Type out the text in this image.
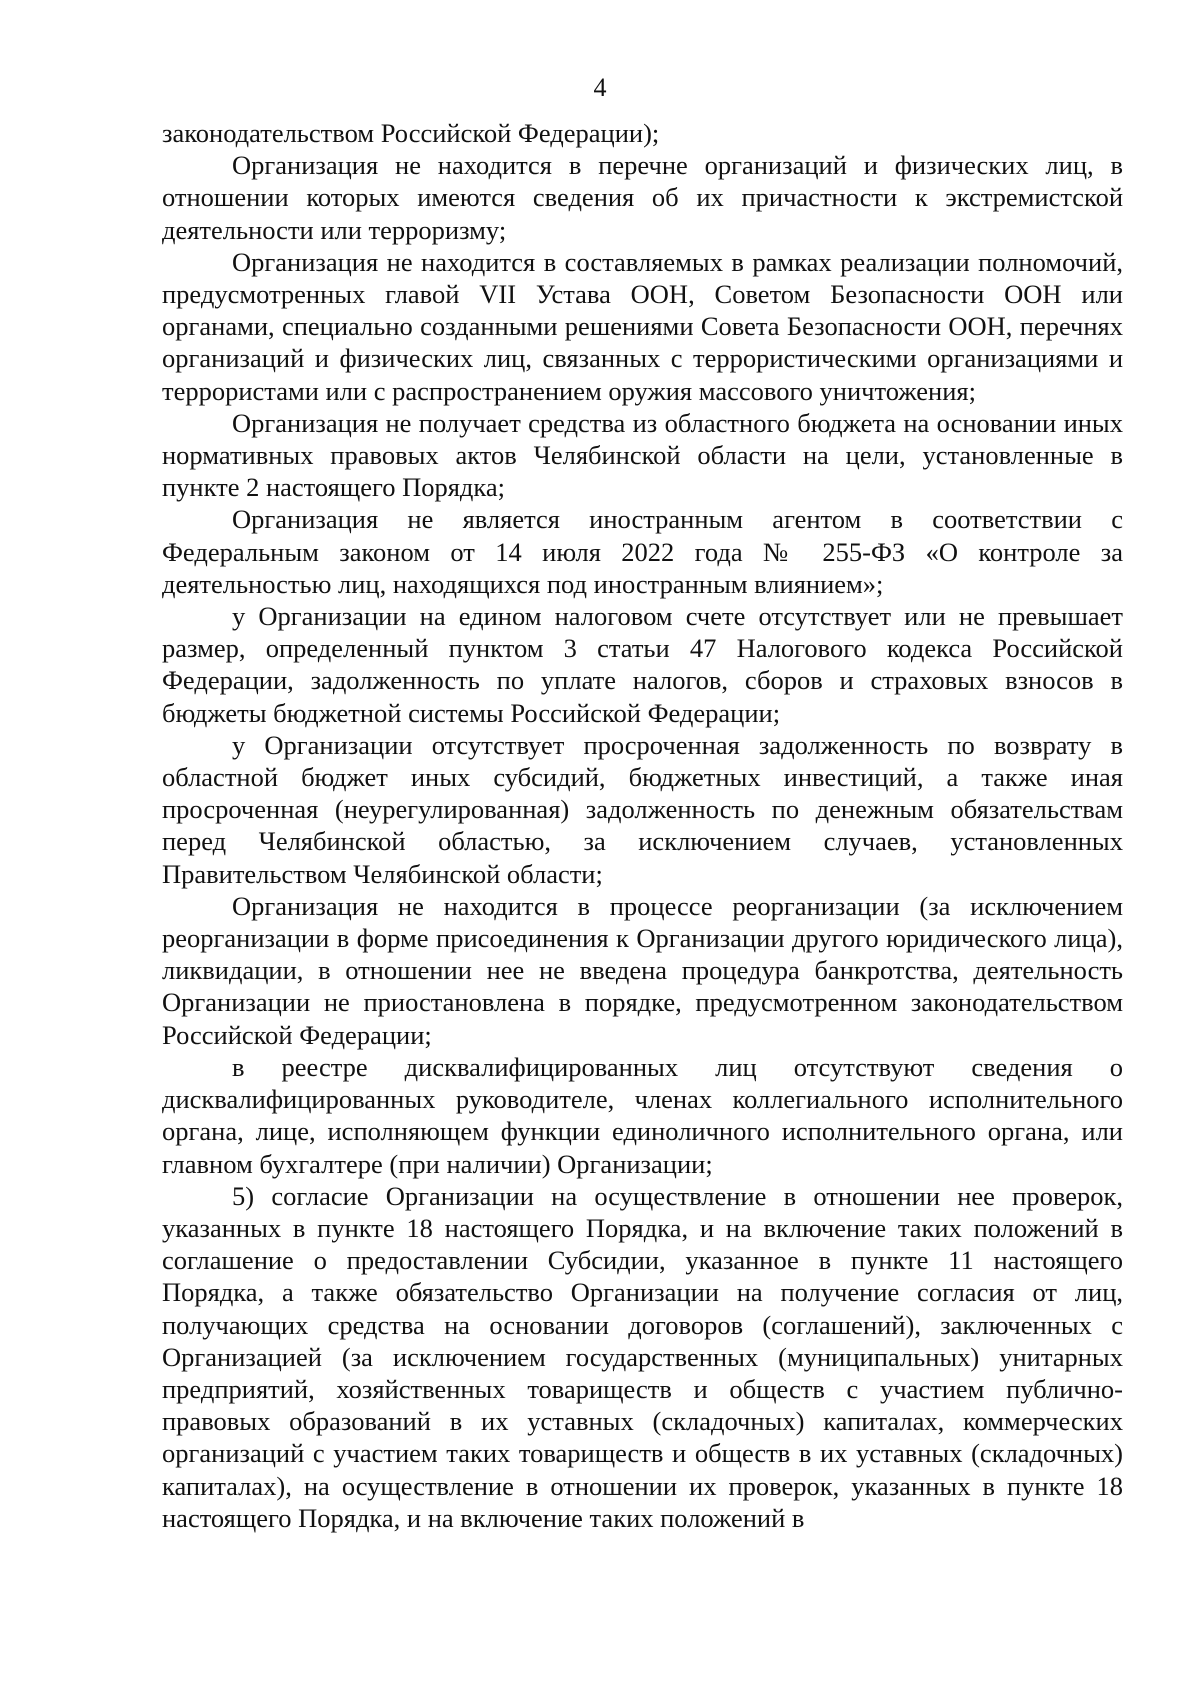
4

законодательством Российской Федерации);

Организация не находится в перечне организаций и физических лиц, в отношении которых имеются сведения об их причастности к экстремистской деятельности или терроризму;

Организация не находится в составляемых в рамках реализации полномочий, предусмотренных главой VII Устава ООН, Советом Безопасности ООН или органами, специально созданными решениями Совета Безопасности ООН, перечнях организаций и физических лиц, связанных с террористическими организациями и террористами или с распространением оружия массового уничтожения;

Организация не получает средства из областного бюджета на основании иных нормативных правовых актов Челябинской области на цели, установленные в пункте 2 настоящего Порядка;

Организация не является иностранным агентом в соответствии с Федеральным законом от 14 июля 2022 года № 255-ФЗ «О контроле за деятельностью лиц, находящихся под иностранным влиянием»;

у Организации на едином налоговом счете отсутствует или не превышает размер, определенный пунктом 3 статьи 47 Налогового кодекса Российской Федерации, задолженность по уплате налогов, сборов и страховых взносов в бюджеты бюджетной системы Российской Федерации;

у Организации отсутствует просроченная задолженность по возврату в областной бюджет иных субсидий, бюджетных инвестиций, а также иная просроченная (неурегулированная) задолженность по денежным обязательствам перед Челябинской областью, за исключением случаев, установленных Правительством Челябинской области;

Организация не находится в процессе реорганизации (за исключением реорганизации в форме присоединения к Организации другого юридического лица), ликвидации, в отношении нее не введена процедура банкротства, деятельность Организации не приостановлена в порядке, предусмотренном законодательством Российской Федерации;

в реестре дисквалифицированных лиц отсутствуют сведения о дисквалифицированных руководителе, членах коллегиального исполнительного органа, лице, исполняющем функции единоличного исполнительного органа, или главном бухгалтере (при наличии) Организации;

5) согласие Организации на осуществление в отношении нее проверок, указанных в пункте 18 настоящего Порядка, и на включение таких положений в соглашение о предоставлении Субсидии, указанное в пункте 11 настоящего Порядка, а также обязательство Организации на получение согласия от лиц, получающих средства на основании договоров (соглашений), заключенных с Организацией (за исключением государственных (муниципальных) унитарных предприятий, хозяйственных товариществ и обществ с участием публично-правовых образований в их уставных (складочных) капиталах, коммерческих организаций с участием таких товариществ и обществ в их уставных (складочных) капиталах), на осуществление в отношении их проверок, указанных в пункте 18 настоящего Порядка, и на включение таких положений в
